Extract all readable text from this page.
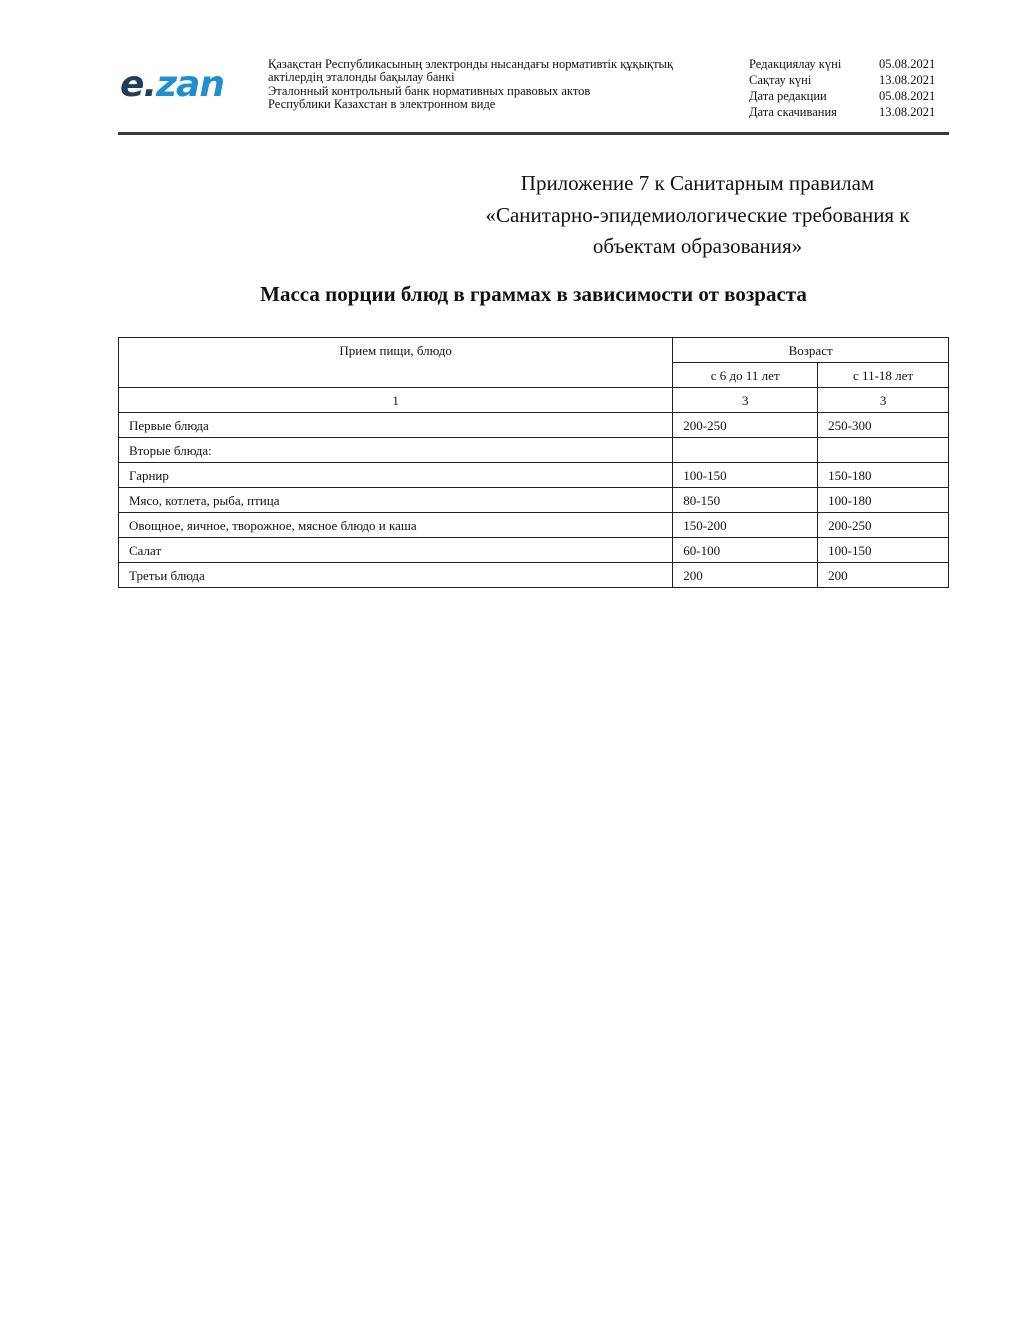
e.zan	Қазақстан Республикасының электронды нысандағы нормативтік құқықтық
актілердің эталонды бақылау банкі
Эталонный контрольный банк нормативных правовых актов
Республики Казахстан в электронном виде
Редакциялау күні	05.08.2021
Сақтау күні	13.08.2021
Дата редакции	05.08.2021
Дата скачивания	13.08.2021
Приложение 7 к Санитарным правилам
«Санитарно-эпидемиологические требования к
объектам образования»
Масса порции блюд в граммах в зависимости от возраста
Прием пищи, блюдо	Возраст	
	с 6 до 11 лет	с 11-18 лет
1	3	3
Первые блюда	200-250	250-300
Вторые блюда:		
Гарнир	100-150	150-180
Мясо, котлета, рыба, птица	80-150	100-180
Овощное, яичное, творожное, мясное блюдо и каша	150-200	200-250
Салат	60-100	100-150
Третьи блюда	200	200
